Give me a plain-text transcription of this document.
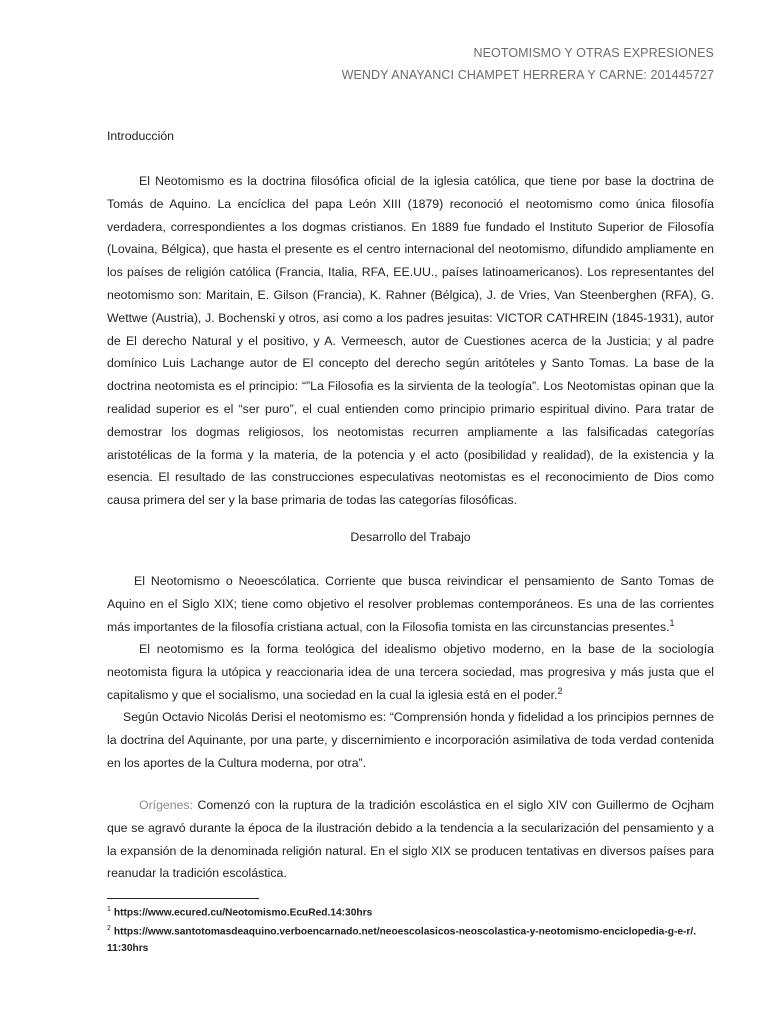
NEOTOMISMO Y OTRAS EXPRESIONES
WENDY ANAYANCI CHAMPET HERRERA Y CARNE: 201445727
Introducción
El Neotomismo es la doctrina filosófica oficial de la iglesia católica, que tiene por base la doctrina de Tomás de Aquino. La encíclica del papa León XIII (1879) reconoció el neotomismo como única filosofía verdadera, correspondientes a los dogmas cristianos. En 1889 fue fundado el Instituto Superior de Filosofía (Lovaina, Bélgica), que hasta el presente es el centro internacional del neotomismo, difundido ampliamente en los países de religión católica (Francia, Italia, RFA, EE.UU., países latinoamericanos). Los representantes del neotomismo son: Maritain, E. Gilson (Francia), K. Rahner (Bélgica), J. de Vries, Van Steenberghen (RFA), G. Wettwe (Austria), J. Bochenski y otros, asi como a los padres jesuitas: VICTOR CATHREIN (1845-1931), autor de El derecho Natural y el positivo, y A. Vermeesch, autor de Cuestiones acerca de la Justicia; y al padre domínico Luis Lachange autor de El concepto del derecho según aritóteles y Santo Tomas. La base de la doctrina neotomista es el principio: “”La Filosofia es la sirvienta de la teología”. Los Neotomistas opinan que la realidad superior es el “ser puro”, el cual entienden como principio primario espiritual divino. Para tratar de demostrar los dogmas religiosos, los neotomistas recurren ampliamente a las falsificadas categorías aristotélicas de la forma y la materia, de la potencia y el acto (posibilidad y realidad), de la existencia y la esencia. El resultado de las construcciones especulativas neotomistas es el reconocimiento de Dios como causa primera del ser y la base primaria de todas las categorías filosóficas.
Desarrollo del Trabajo
El Neotomismo o Neoescólatica. Corriente que busca reivindicar el pensamiento de Santo Tomas de Aquino en el Siglo XIX; tiene como objetivo el resolver problemas contemporáneos. Es una de las corrientes más importantes de la filosofía cristiana actual, con la Filosofia tomista en las circunstancias presentes.$^1$
El neotomismo es la forma teológica del idealismo objetivo moderno, en la base de la sociología neotomista figura la utópica y reaccionaria idea de una tercera sociedad, mas progresiva y más justa que el capitalismo y que el socialismo, una sociedad en la cual la iglesia está en el poder.$^2$
Según Octavio Nicolás Derisi el neotomismo es: “Comprensión honda y fidelidad a los principios pernnes de la doctrina del Aquinante, por una parte, y discernimiento e incorporación asimilativa de toda verdad contenida en los aportes de la Cultura moderna, por otra”.
Orígenes: Comenzó con la ruptura de la tradición escolástica en el siglo XIV con Guillermo de Ocjham que se agravó durante la época de la ilustración debido a la tendencia a la secularización del pensamiento y a la expansión de la denominada religión natural. En el siglo XIX se producen tentativas en diversos países para reanudar la tradición escolástica.
$^1$ https://www.ecured.cu/Neotomismo.EcuRed.14:30hrs
$^2$ https://www.santotomasdeaquino.verboencarnado.net/neoescolasicos-neoscolastica-y-neotomismo-enciclopedia-g-e-r/. 11:30hrs
